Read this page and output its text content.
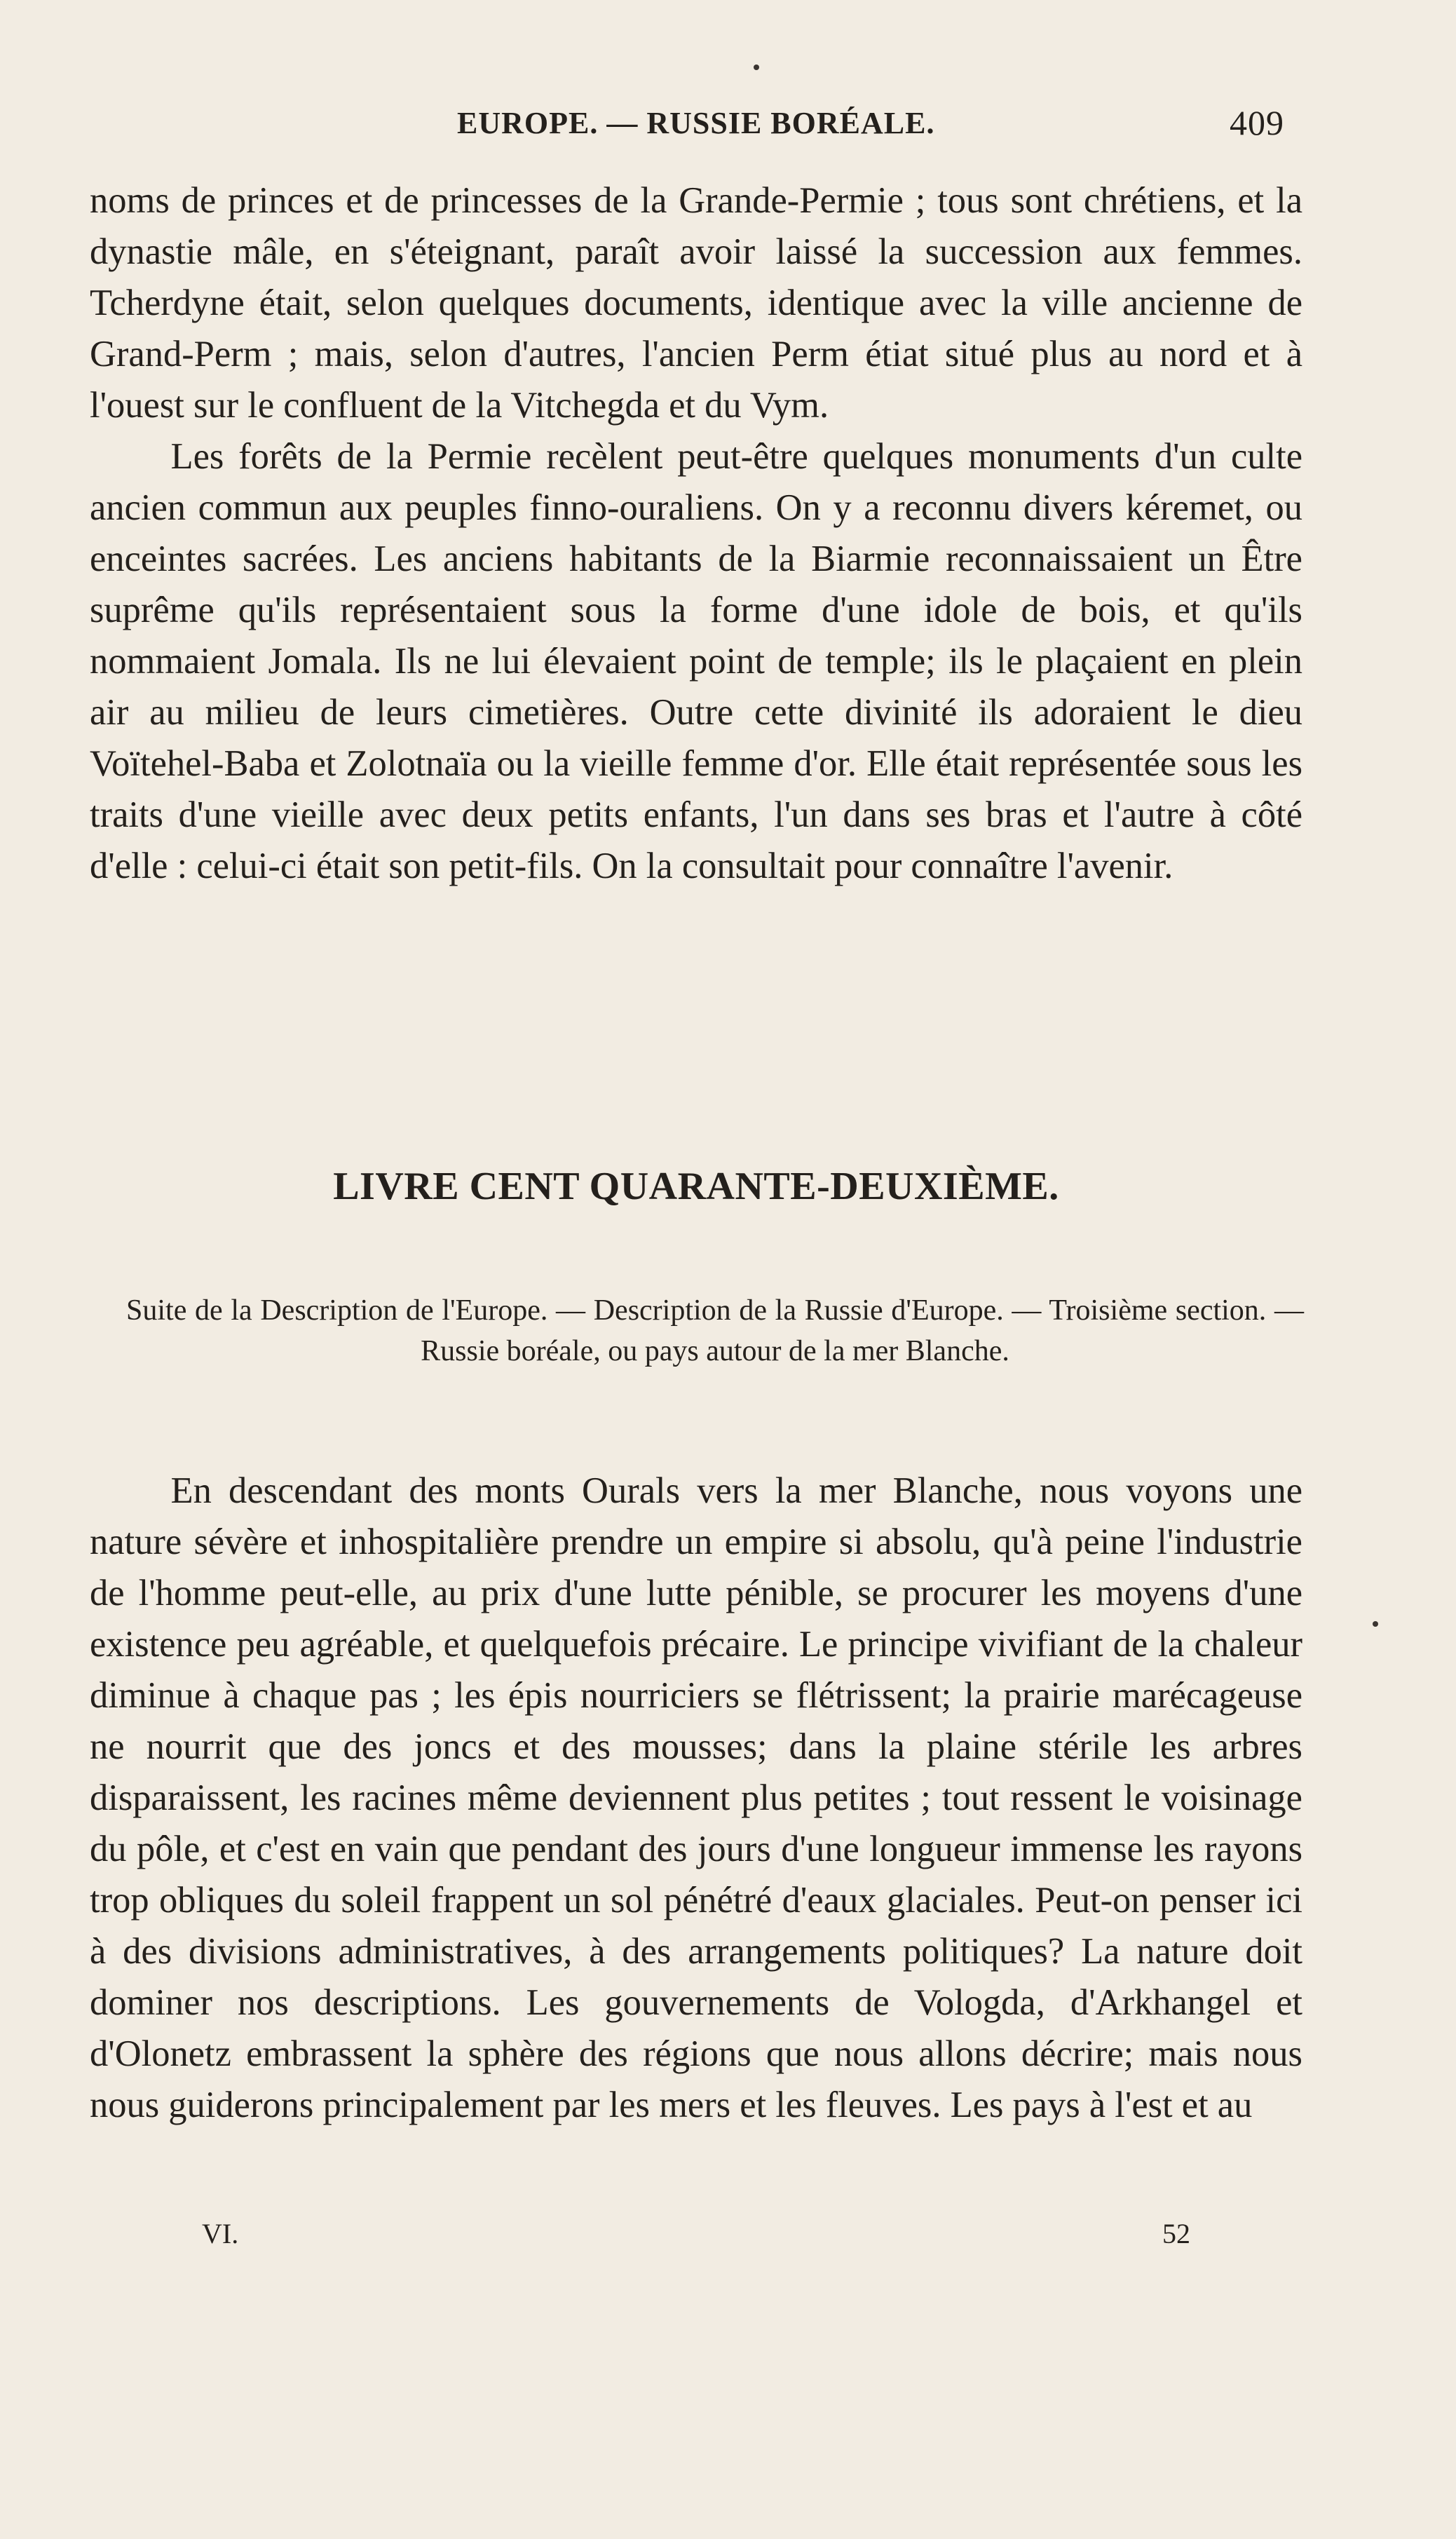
EUROPE. — RUSSIE BORÉALE.	409

noms de princes et de princesses de la Grande-Permie ; tous sont chrétiens, et la dynastie mâle, en s'éteignant, paraît avoir laissé la succession aux femmes. Tcherdyne était, selon quelques documents, identique avec la ville ancienne de Grand-Perm ; mais, selon d'autres, l'ancien Perm étiat situé plus au nord et à l'ouest sur le confluent de la Vitchegda et du Vym.

Les forêts de la Permie recèlent peut-être quelques monuments d'un culte ancien commun aux peuples finno-ouraliens. On y a reconnu divers kéremet, ou enceintes sacrées. Les anciens habitants de la Biarmie reconnaissaient un Être suprême qu'ils représentaient sous la forme d'une idole de bois, et qu'ils nommaient Jomala. Ils ne lui élevaient point de temple; ils le plaçaient en plein air au milieu de leurs cimetières. Outre cette divinité ils adoraient le dieu Voïtehel-Baba et Zolotnaïa ou la vieille femme d'or. Elle était représentée sous les traits d'une vieille avec deux petits enfants, l'un dans ses bras et l'autre à côté d'elle : celui-ci était son petit-fils. On la consultait pour connaître l'avenir.

LIVRE CENT QUARANTE-DEUXIÈME.
Suite de la Description de l'Europe. — Description de la Russie d'Europe. — Troisième section. — Russie boréale, ou pays autour de la mer Blanche.

En descendant des monts Ourals vers la mer Blanche, nous voyons une nature sévère et inhospitalière prendre un empire si absolu, qu'à peine l'industrie de l'homme peut-elle, au prix d'une lutte pénible, se procurer les moyens d'une existence peu agréable, et quelquefois précaire. Le principe vivifiant de la chaleur diminue à chaque pas ; les épis nourriciers se flétrissent; la prairie marécageuse ne nourrit que des joncs et des mousses; dans la plaine stérile les arbres disparaissent, les racines même deviennent plus petites ; tout ressent le voisinage du pôle, et c'est en vain que pendant des jours d'une longueur immense les rayons trop obliques du soleil frappent un sol pénétré d'eaux glaciales. Peut-on penser ici à des divisions administratives, à des arrangements politiques? La nature doit dominer nos descriptions. Les gouvernements de Vologda, d'Arkhangel et d'Olonetz embrassent la sphère des régions que nous allons décrire; mais nous nous guiderons principalement par les mers et les fleuves. Les pays à l'est et au

VI.	52
